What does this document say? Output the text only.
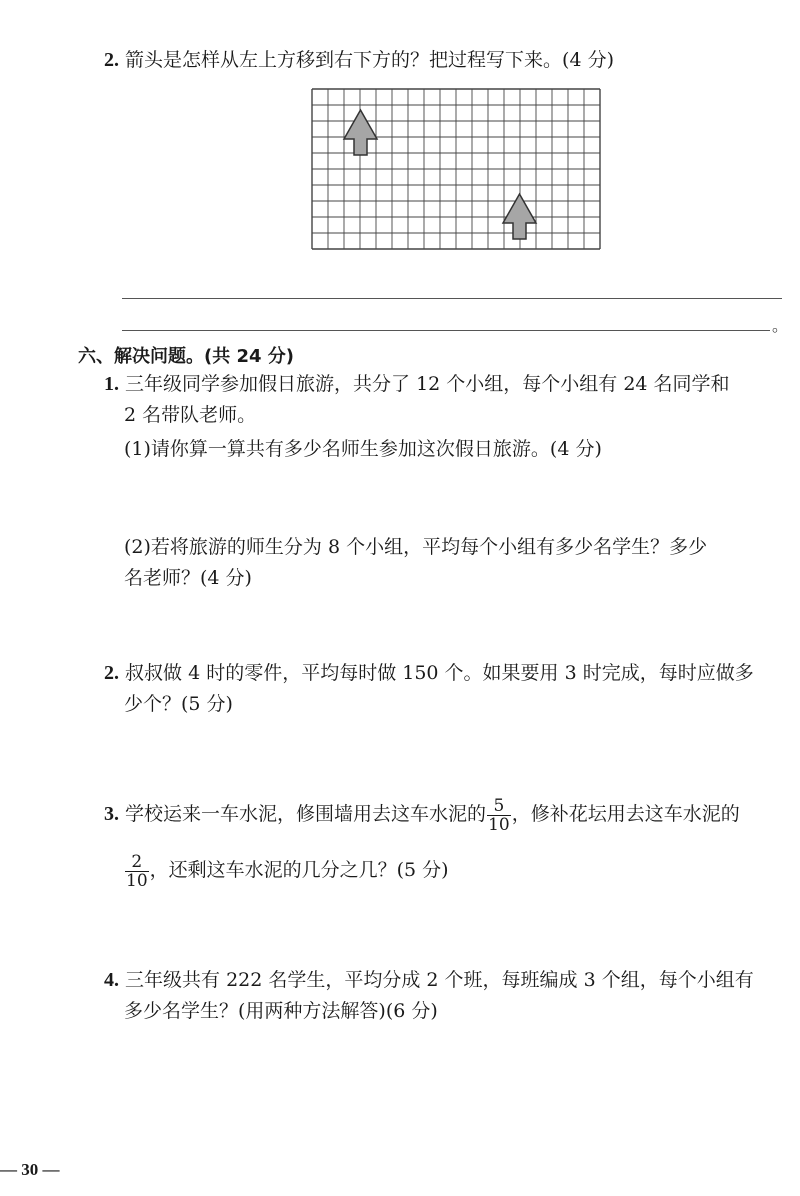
2. 箭头是怎样从左上方移到右下方的？把过程写下来。(4 分)
。
六、解决问题。(共 24 分)
1. 三年级同学参加假日旅游，共分了 12 个小组，每个小组有 24 名同学和
2 名带队老师。
(1)请你算一算共有多少名师生参加这次假日旅游。(4 分)
(2)若将旅游的师生分为 8 个小组，平均每个小组有多少名学生？多少
名老师？(4 分)
2. 叔叔做 4 时的零件，平均每时做 150 个。如果要用 3 时完成，每时应做多
少个？(5 分)
3. 学校运来一车水泥，修围墙用去这车水泥的 $\frac{5}{10}$ ，修补花坛用去这车水泥的
$\frac{2}{10}$ ，还剩这车水泥的几分之几？(5 分)
4. 三年级共有 222 名学生，平均分成 2 个班，每班编成 3 个组，每个小组有
多少名学生？(用两种方法解答)(6 分)
— 30 —
